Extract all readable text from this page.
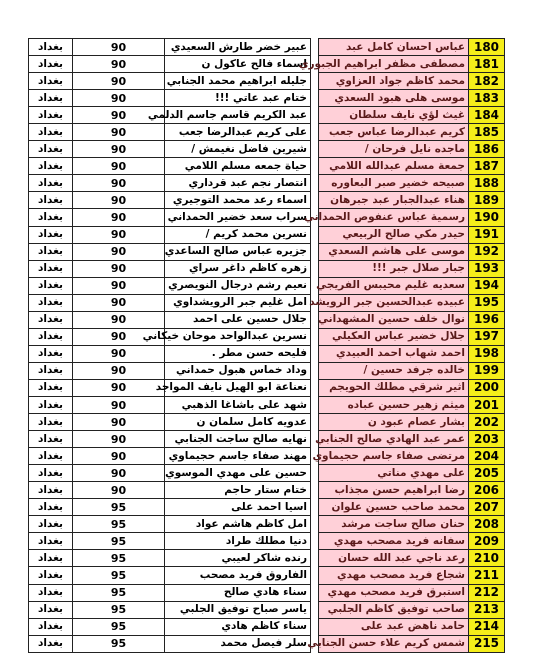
بغداد	90	عبير خضر طارش السعيدي		عباس احسان كامل عبد	180
بغداد	90	اسماء فالح عاكول ن		مصطفى مظفر ابراهيم الجبوري	181
بغداد	90	جليله ابراهيم محمد الجنابي		محمد كاظم جواد العزاوي	182
بغداد	90	ختام عبد عاتي !!!		موسى هلى هبود السعدي	183
بغداد	90	عبد الكريم قاسم جاسم الدلمي		غيث لؤي نايف سلطان	184
بغداد	90	على كريم عبدالرضا جعب		كريم عبدالرضا عباس جعب	185
بغداد	90	شيرين فاضل نغيمش /		ماجده نايل فرحان /	186
بغداد	90	حياة جمعه مسلم اللامي		جمعة مسلم عبدالله اللامي	187
بغداد	90	انتصار نجم عبد قرداري		صبيحه خضير صبر البعاوره	188
بغداد	90	اسماء رعد محمد التوجيري		هناء عبدالجبار عبد جبرهان	189
بغداد	90	سراب سعد خضير الحمداني		رسمية عباس عنفوص الحمداني	190
بغداد	90	نسرين محمد كريم /		حيدر مكي صالح الربيعي	191
بغداد	90	جزيره عباس صالح الساعدي		موسى على هاشم السعدي	192
بغداد	90	زهره كاظم داغر سراي		جبار صلال جبر !!!	193
بغداد	90	نعيم رشم درجال النويصري		سعديه غليم محيبس الفريجي	194
بغداد	90	امل غليم جبر الرويشداوي		عبيده عبدالحسين جبر الرويشد	195
بغداد	90	جلال حسين على احمد		نوال خلف حسين المشهداني	196
بغداد	90	نسرين عبدالواحد موحان خيكاني		جلال خضير عباس العكيلي	197
بغداد	90	فليحه حسن مطر .		احمد شهاب احمد العبيدي	198
بغداد	90	وداد خماس هبول حمداني		خالده جرفد حسين /	199
بغداد	90	نعناعة ابو الهيل نايف المواجد		اثير شرقي مطلك الحويجم	200
بغداد	90	شهد على باشاغا الذهبي		ميثم زهير حسين عباده	201
بغداد	90	عدويه كامل سلمان ن		بشار عصام عبود ن	202
بغداد	90	نهايه صالح ساجت الجنابي		عمر عبد الهادي صالح الجنابي	203
بغداد	90	مهند صفاء جاسم حجيماوي		مرتضى صفاء جاسم حجيماوي	204
بغداد	90	حسين على مهدي الموسوي		على مهدي مناتي	205
بغداد	90	ختام ستار حاجم		رضا ابراهيم حسن مجذاب	206
بغداد	95	اسيا احمد على		محمد صاحب حسين علوان	207
بغداد	95	امل كاظم هاشم عواد		حنان صالح ساجت مرشد	208
بغداد	95	دنيا مطلك طراد		سفانه فريد مصحب مهدي	209
بغداد	95	رنده شاكر لعيبي		رعد ناجي عبد الله حسان	210
بغداد	95	الفاروق فريد مصحب		شجاع فريد مصحب مهدي	211
بغداد	95	سناء هادي صالح		استبرق فريد مصحب مهدي	212
بغداد	95	ياسر صباح توفيق الجلبي		صاحب توفيق كاظم الجلبي	213
بغداد	95	سناء كاظم هادي		حامد ناهض عبد على	214
بغداد	95	سلر فيصل محمد		شمس كريم علاء حسن الجنابي	215
